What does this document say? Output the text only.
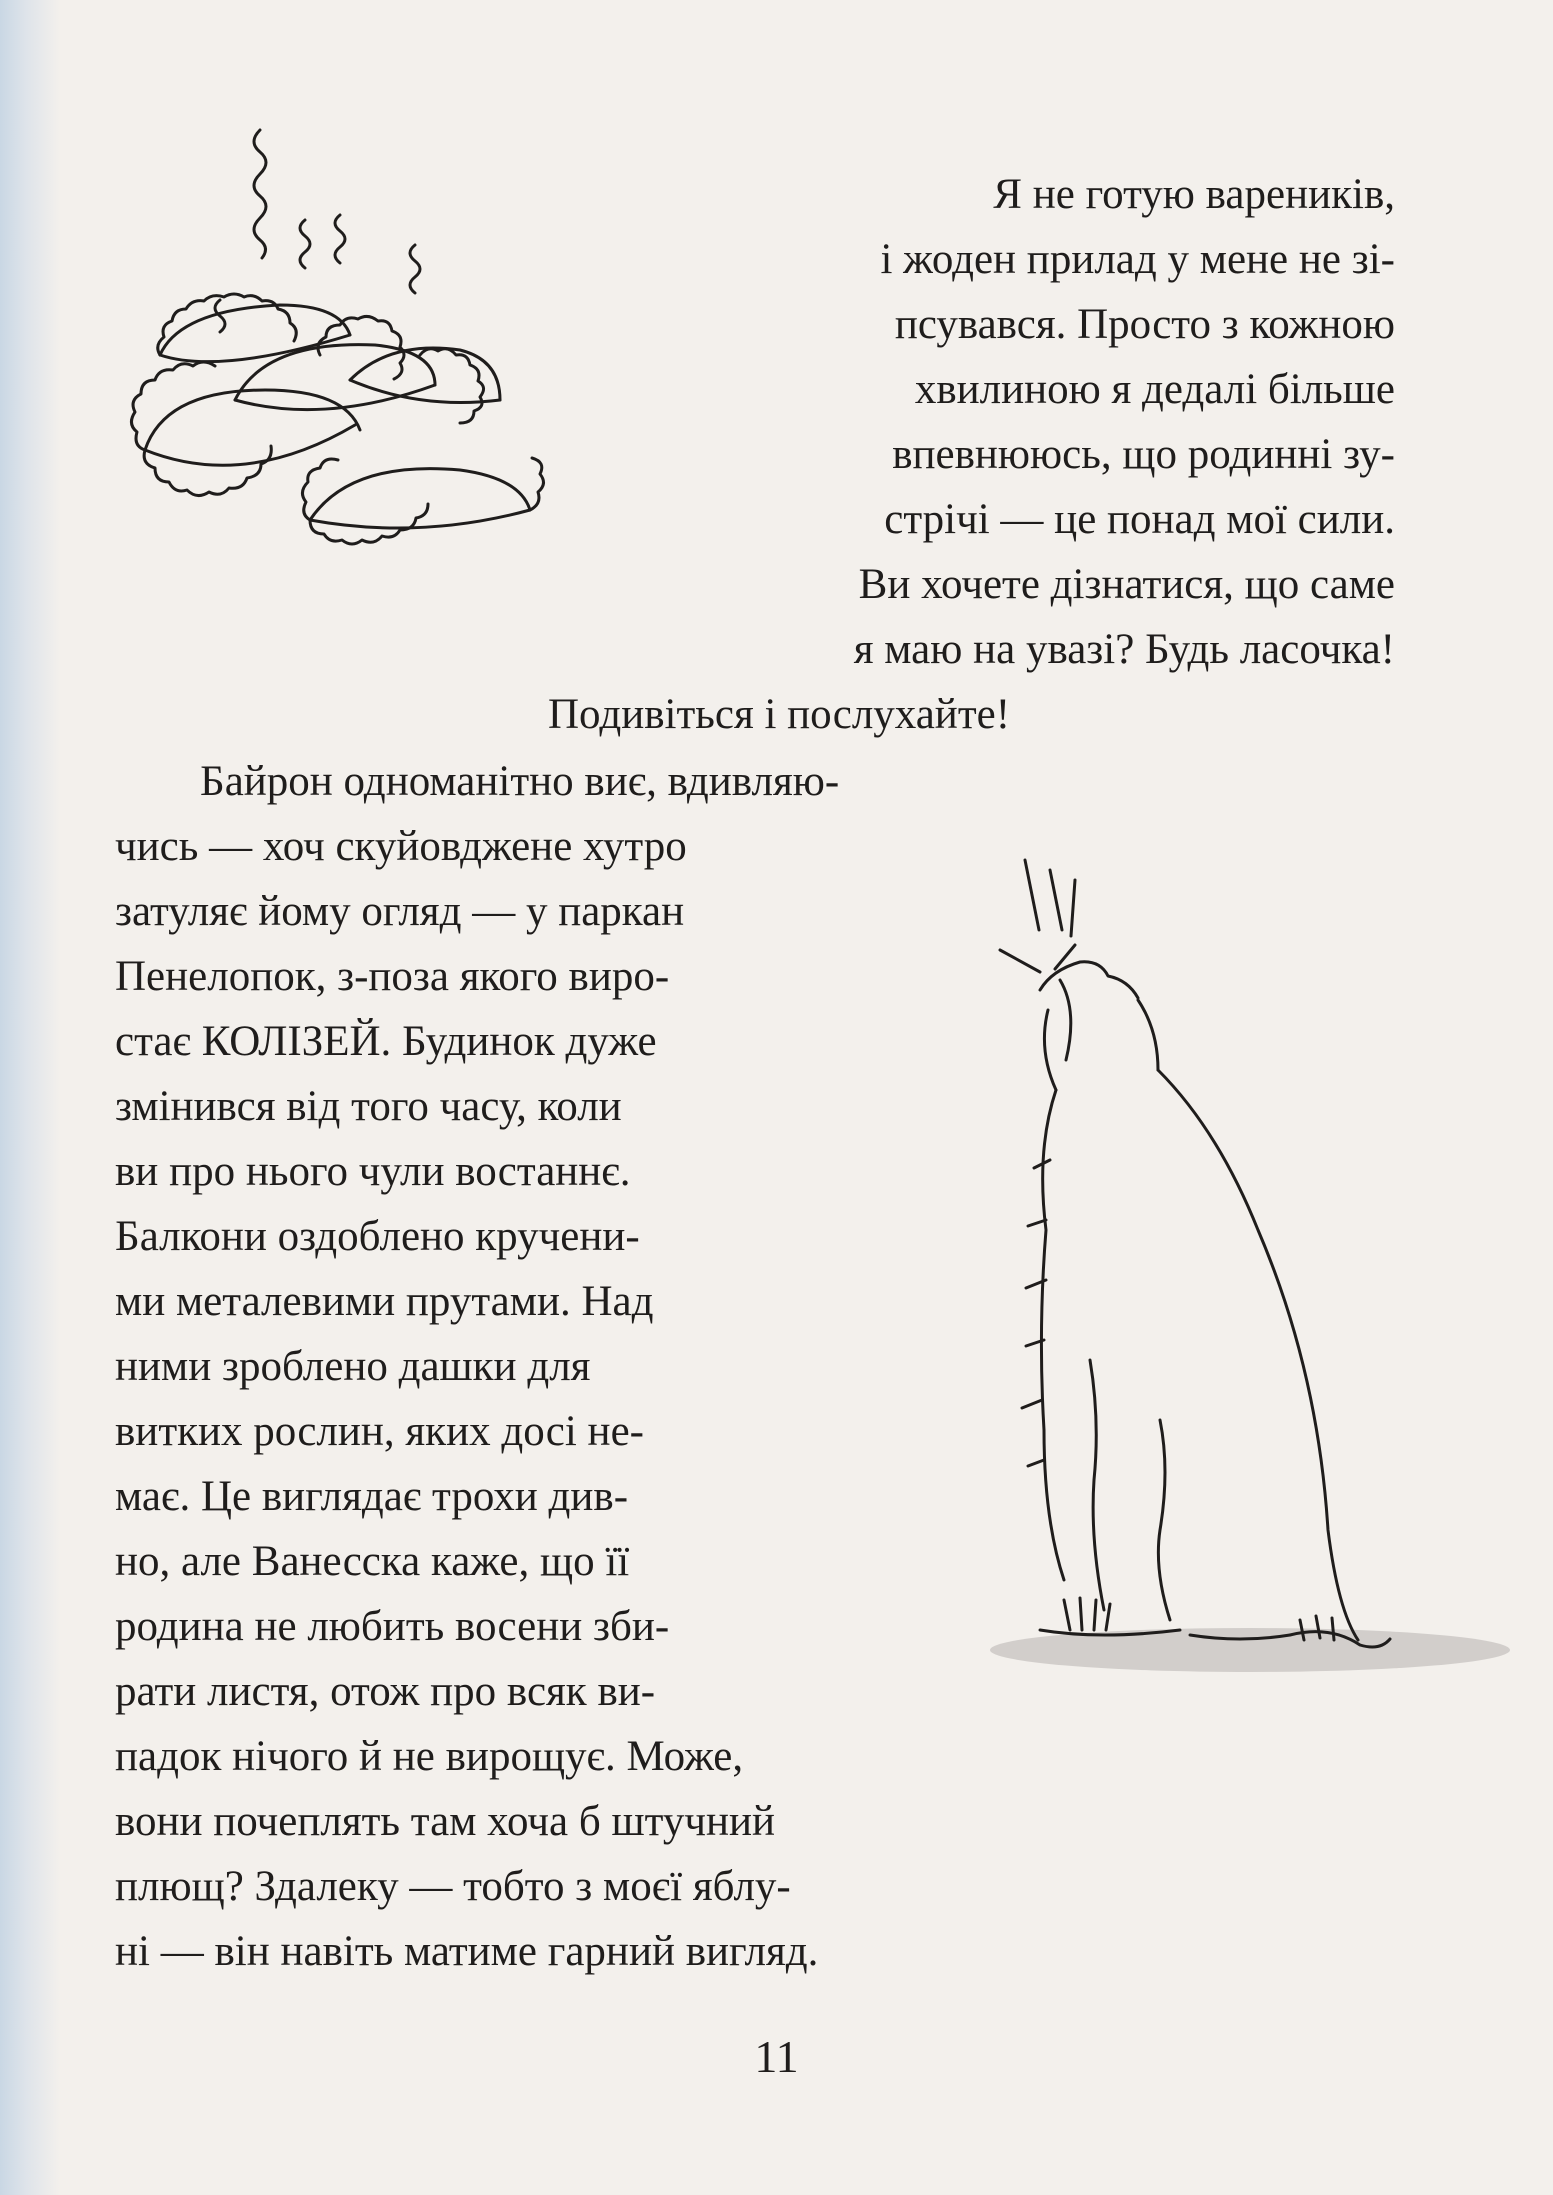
Я не готую вареників,
і жоден прилад у мене не зі-
псувався. Просто з кожною
хвилиною я дедалі більше
впевнююсь, що родинні зу-
стрічі — це понад мої сили.
Ви хочете дізнатися, що саме
я маю на увазі? Будь ласочка!
Подивіться і послухайте!
Байрон одноманітно виє, вдивляю-
чись — хоч скуйовджене хутро
затуляє йому огляд — у паркан
Пенелопок, з-поза якого виро-
стає КОЛІЗЕЙ. Будинок дуже
змінився від того часу, коли
ви про нього чули востаннє.
Балкони оздоблено кручени-
ми металевими прутами. Над
ними зроблено дашки для
витких рослин, яких досі не-
має. Це виглядає трохи див-
но, але Ванесска каже, що її
родина не любить восени зби-
рати листя, отож про всяк ви-
падок нічого й не вирощує. Може,
вони почеплять там хоча б штучний
плющ? Здалеку — тобто з моєї яблу-
ні — він навіть матиме гарний вигляд.
11
